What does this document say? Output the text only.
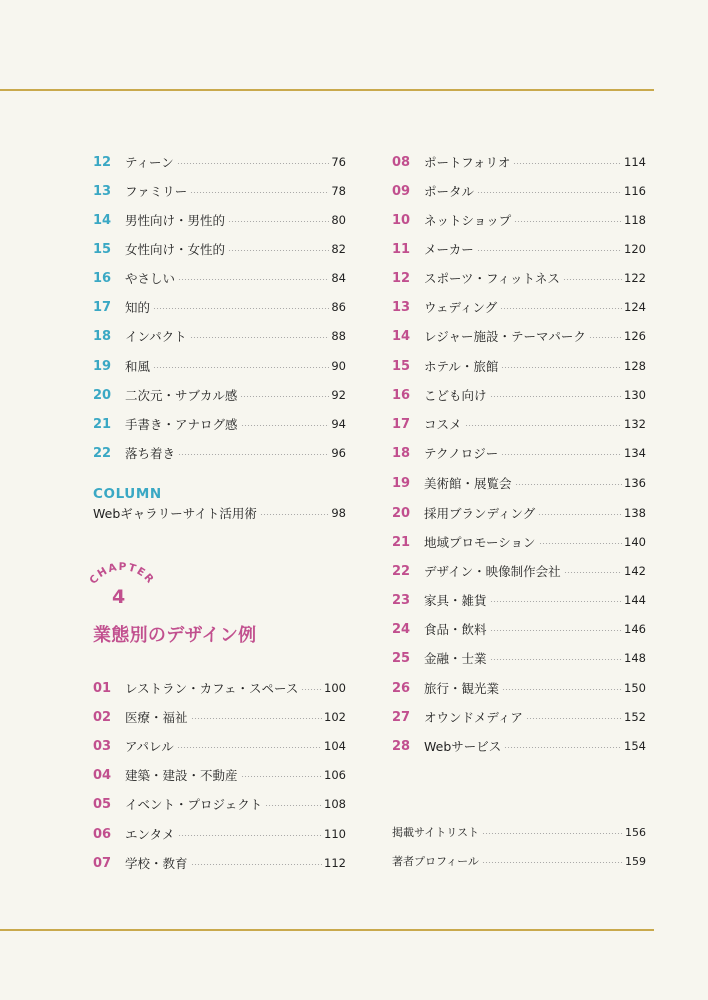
12	ティーン	76
13	ファミリー	78
14	男性向け・男性的	80
15	女性向け・女性的	82
16	やさしい	84
17	知的	86
18	インパクト	88
19	和風	90
20	二次元・サブカル感	92
21	手書き・アナログ感	94
22	落ち着き	96
Webギャラリーサイト活用術	98
01	レストラン・カフェ・スペース 100
02	医療・福祉	102
03	アパレル	104
04	建築・建設・不動産	106
05	イベント・プロジェクト	108
06	エンタメ	110
07	学校・教育	112
COLUMN
CHAPTER
4
業態別のデザイン例
08	ポートフォリオ	114
09	ポータル	116
10	ネットショップ	118
11	メーカー	120
12	スポーツ・フィットネス	122
13	ウェディング	124
14	レジャー施設・テーマパーク	126
15	ホテル・旅館	128
16	こども向け	130
17	コスメ	132
18	テクノロジー	134
19	美術館・展覧会	136
20	採用ブランディング	138
21	地域プロモーション	140
22	デザイン・映像制作会社	142
23	家具・雑貨	144
24	食品・飲料	146
25	金融・士業	148
26	旅行・観光業	150
27	オウンドメディア	152
28	Webサービス	154
掲載サイトリスト	156
著者プロフィール	159
